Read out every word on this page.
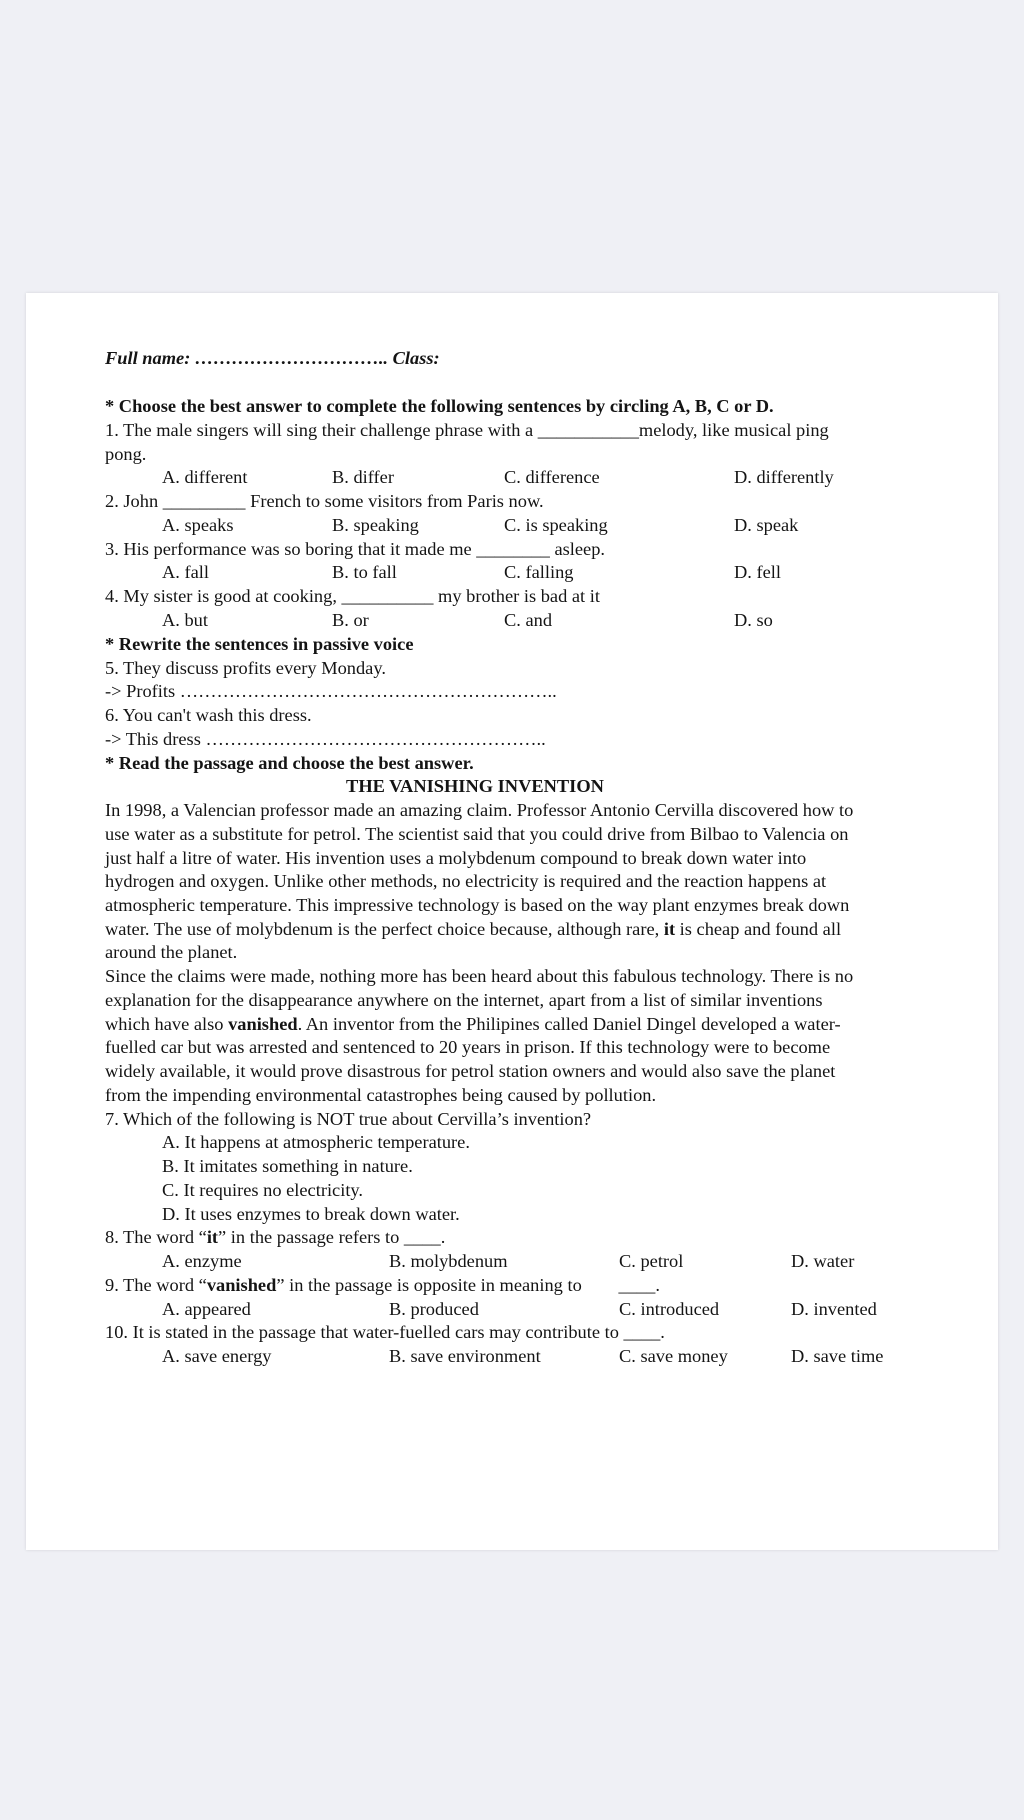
Full name: ………………………….. Class:
* Choose the best answer to complete the following sentences by circling A, B, C or D.
1. The male singers will sing their challenge phrase with a ___________melody, like musical ping
pong.
A. different	B. differ	C. difference	D. differently
2. John _________ French to some visitors from Paris now.
A. speaks	B. speaking	C. is speaking	D. speak
3. His performance was so boring that it made me ________ asleep.
A. fall	B. to fall	C. falling	D. fell
4. My sister is good at cooking, __________ my brother is bad at it
A. but	B. or	C. and	D. so
* Rewrite the sentences in passive voice
5. They discuss profits every Monday.
-> Profits ……………………………………………………..
6. You can't wash this dress.
-> This dress ………………………………………………..
* Read the passage and choose the best answer.
THE VANISHING INVENTION
In 1998, a Valencian professor made an amazing claim. Professor Antonio Cervilla discovered how to
use water as a substitute for petrol. The scientist said that you could drive from Bilbao to Valencia on
just half a litre of water. His invention uses a molybdenum compound to break down water into
hydrogen and oxygen. Unlike other methods, no electricity is required and the reaction happens at
atmospheric temperature. This impressive technology is based on the way plant enzymes break down
water. The use of molybdenum is the perfect choice because, although rare, it is cheap and found all
around the planet.
Since the claims were made, nothing more has been heard about this fabulous technology. There is no
explanation for the disappearance anywhere on the internet, apart from a list of similar inventions
which have also vanished. An inventor from the Philipines called Daniel Dingel developed a water-
fuelled car but was arrested and sentenced to 20 years in prison. If this technology were to become
widely available, it would prove disastrous for petrol station owners and would also save the planet
from the impending environmental catastrophes being caused by pollution.
7. Which of the following is NOT true about Cervilla’s invention?
A. It happens at atmospheric temperature.
B. It imitates something in nature.
C. It requires no electricity.
D. It uses enzymes to break down water.
8. The word “it” in the passage refers to ____.
A. enzyme	B. molybdenum	C. petrol	D. water
9. The word “vanished” in the passage is opposite in meaning to        ____.
A. appeared	B. produced	C. introduced	D. invented
10. It is stated in the passage that water-fuelled cars may contribute to ____.
A. save energy	B. save environment	C. save money	D. save time
